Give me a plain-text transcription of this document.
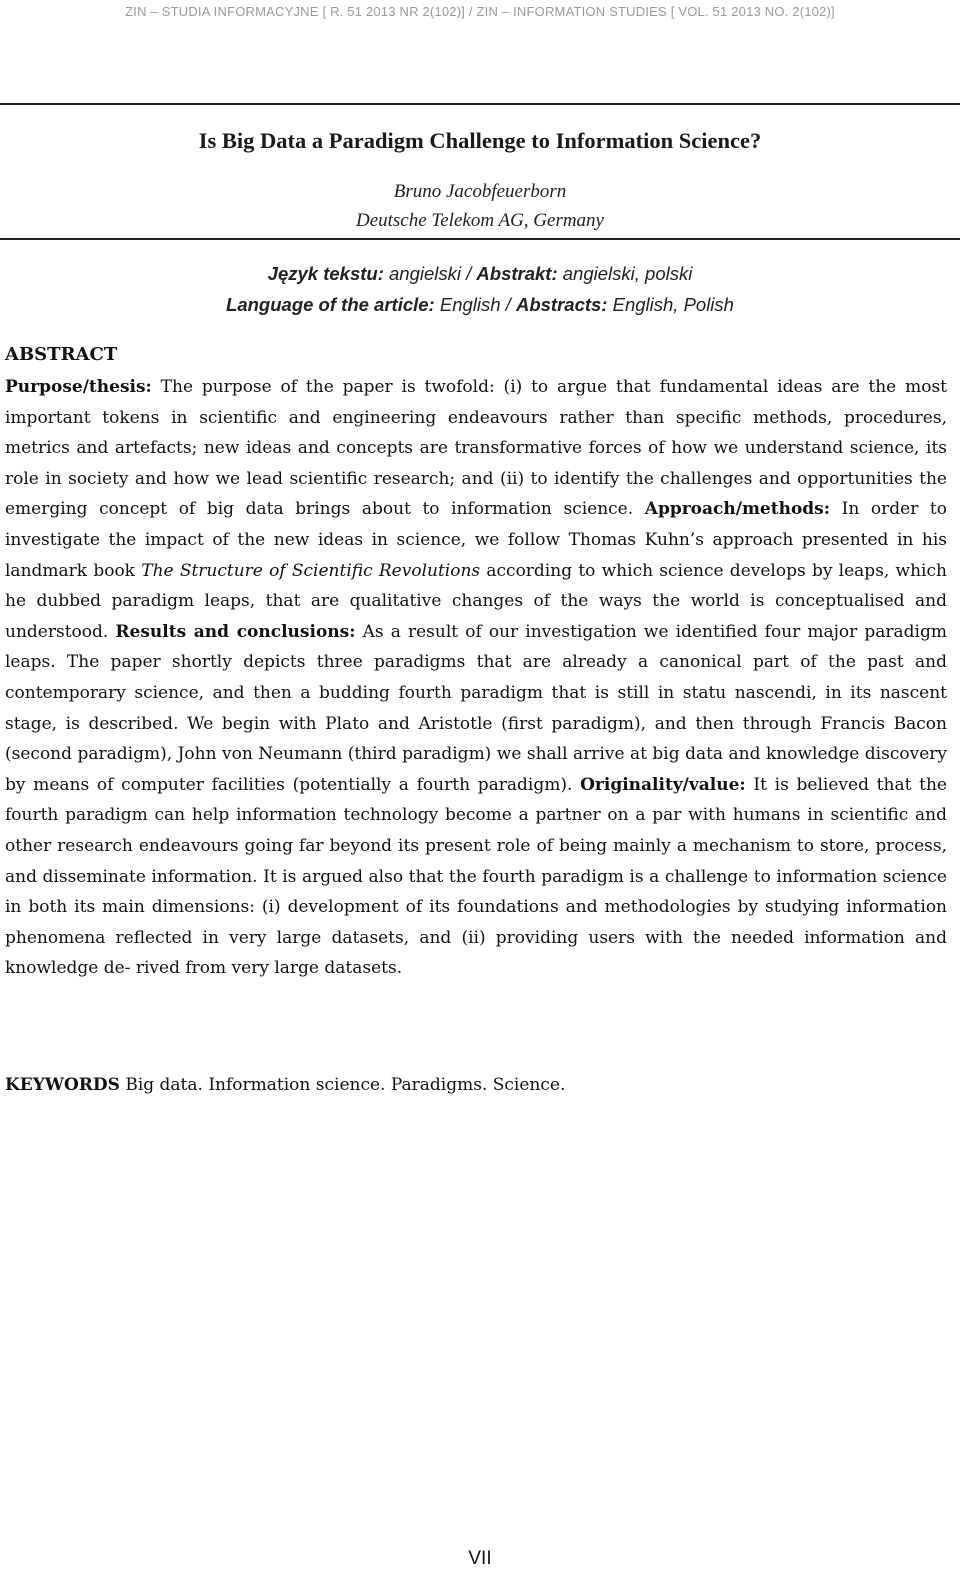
ZIN – STUDIA INFORMACYJNE [ R. 51 2013 NR 2(102)] / ZIN – INFORMATION STUDIES [ VOL. 51 2013 NO. 2(102)]
Is Big Data a Paradigm Challenge to Information Science?
Bruno Jacobfeuerborn
Deutsche Telekom AG, Germany
Język tekstu: angielski / Abstrakt: angielski, polski
Language of the article: English / Abstracts: English, Polish
ABSTRACT
Purpose/thesis: The purpose of the paper is twofold: (i) to argue that fundamental ideas are the most important tokens in scientific and engineering endeavours rather than specific methods, procedures, metrics and artefacts; new ideas and concepts are transformative forces of how we understand science, its role in society and how we lead scientific research; and (ii) to identify the challenges and opportunities the emerging concept of big data brings about to information science. Approach/methods: In order to investigate the impact of the new ideas in science, we follow Thomas Kuhn’s approach presented in his landmark book The Structure of Scientific Revolutions according to which science develops by leaps, which he dubbed paradigm leaps, that are qualitative changes of the ways the world is conceptualised and understood. Results and conclusions: As a result of our investigation we identified four major paradigm leaps. The paper shortly depicts three paradigms that are already a canonical part of the past and contemporary science, and then a budding fourth paradigm that is still in statu nascendi, in its nascent stage, is described. We begin with Plato and Aristotle (first paradigm), and then through Francis Bacon (second paradigm), John von Neumann (third paradigm) we shall arrive at big data and knowledge discovery by means of computer facilities (potentially a fourth paradigm). Originality/value: It is believed that the fourth paradigm can help information technology become a partner on a par with humans in scientific and other research endeavours going far beyond its present role of being mainly a mechanism to store, process, and disseminate information. It is argued also that the fourth paradigm is a challenge to information science in both its main dimensions: (i) development of its foundations and methodologies by studying information phenomena reflected in very large datasets, and (ii) providing users with the needed information and knowledge de- rived from very large datasets.
KEYWORDS Big data. Information science. Paradigms. Science.
VII
